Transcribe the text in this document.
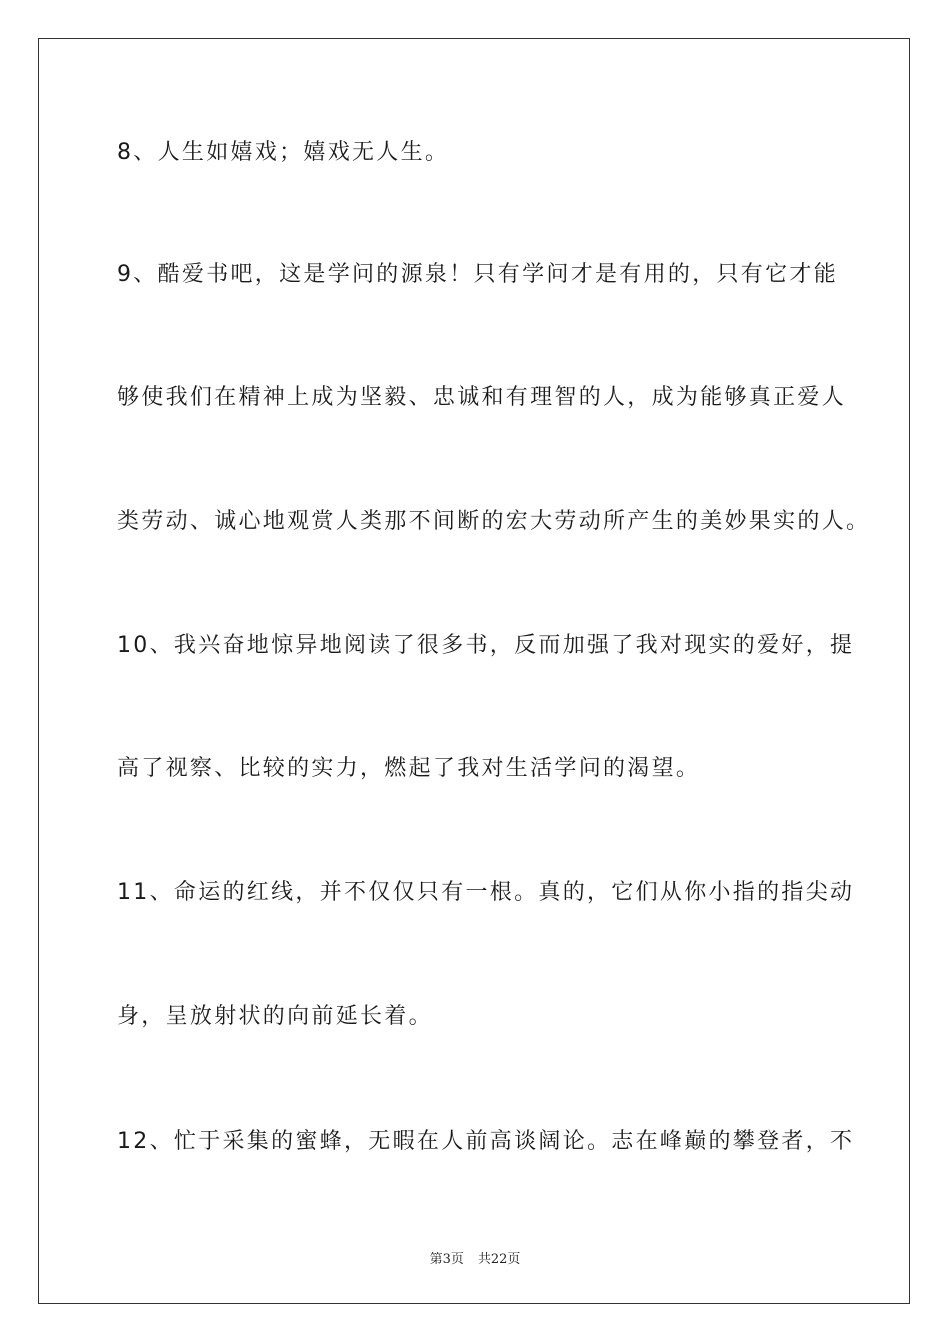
8、人生如嬉戏；嬉戏无人生。
9、酷爱书吧，这是学问的源泉！只有学问才是有用的，只有它才能
够使我们在精神上成为坚毅、忠诚和有理智的人，成为能够真正爱人
类劳动、诚心地观赏人类那不间断的宏大劳动所产生的美妙果实的人。
10、我兴奋地惊异地阅读了很多书，反而加强了我对现实的爱好，提
高了视察、比较的实力，燃起了我对生活学问的渴望。
11、命运的红线，并不仅仅只有一根。真的，它们从你小指的指尖动
身，呈放射状的向前延长着。
12、忙于采集的蜜蜂，无暇在人前高谈阔论。志在峰巅的攀登者，不
第3页 共22页
